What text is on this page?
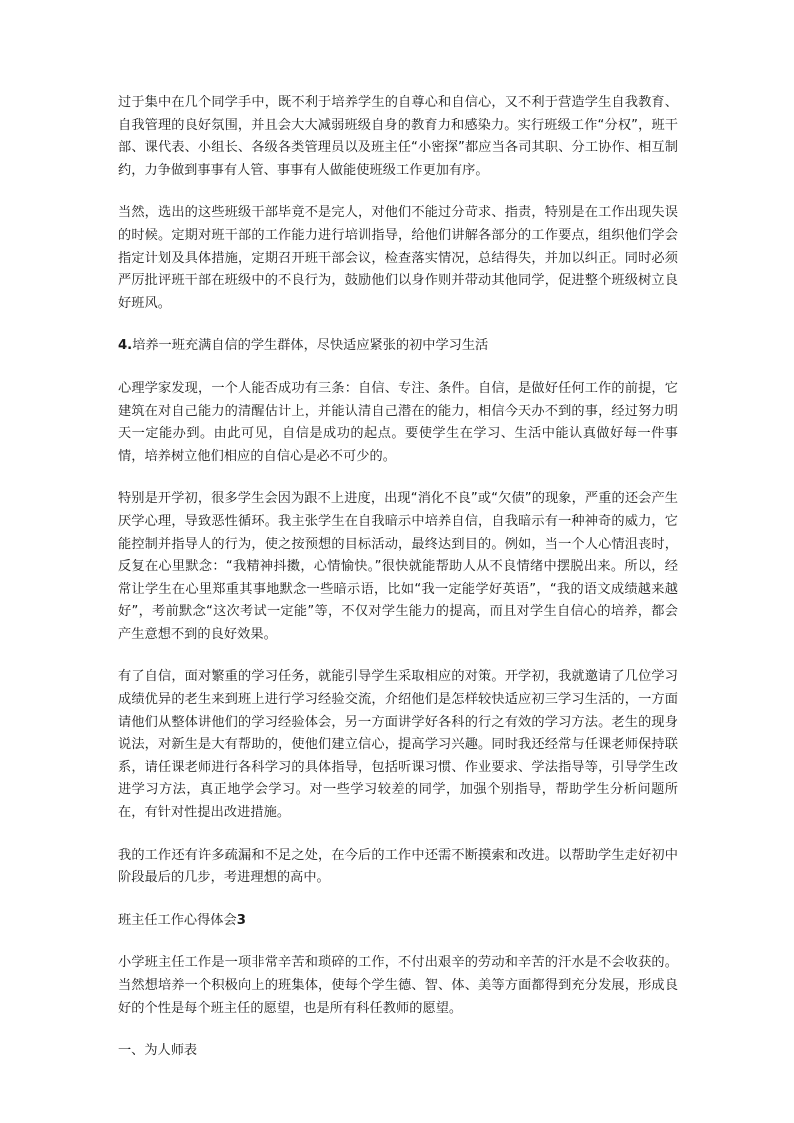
过于集中在几个同学手中，既不利于培养学生的自尊心和自信心，又不利于营造学生自我教育、自我管理的良好氛围，并且会大大减弱班级自身的教育力和感染力。实行班级工作“分权”，班干部、课代表、小组长、各级各类管理员以及班主任“小密探”都应当各司其职、分工协作、相互制约，力争做到事事有人管、事事有人做能使班级工作更加有序。

当然，选出的这些班级干部毕竟不是完人，对他们不能过分苛求、指责，特别是在工作出现失误的时候。定期对班干部的工作能力进行培训指导，给他们讲解各部分的工作要点，组织他们学会指定计划及具体措施，定期召开班干部会议，检查落实情况，总结得失，并加以纠正。同时必须严厉批评班干部在班级中的不良行为，鼓励他们以身作则并带动其他同学，促进整个班级树立良好班风。

4.培养一班充满自信的学生群体，尽快适应紧张的初中学习生活

心理学家发现，一个人能否成功有三条：自信、专注、条件。自信，是做好任何工作的前提，它建筑在对自己能力的清醒估计上，并能认清自己潜在的能力，相信今天办不到的事，经过努力明天一定能办到。由此可见，自信是成功的起点。要使学生在学习、生活中能认真做好每一件事情，培养树立他们相应的自信心是必不可少的。

特别是开学初，很多学生会因为跟不上进度，出现“消化不良”或“欠债”的现象，严重的还会产生厌学心理，导致恶性循环。我主张学生在自我暗示中培养自信，自我暗示有一种神奇的威力，它能控制并指导人的行为，使之按预想的目标活动，最终达到目的。例如，当一个人心情沮丧时，反复在心里默念：“我精神抖擞，心情愉快。”很快就能帮助人从不良情绪中摆脱出来。所以，经常让学生在心里郑重其事地默念一些暗示语，比如“我一定能学好英语”，“我的语文成绩越来越好”，考前默念“这次考试一定能”等，不仅对学生能力的提高，而且对学生自信心的培养，都会产生意想不到的良好效果。

有了自信，面对繁重的学习任务，就能引导学生采取相应的对策。开学初，我就邀请了几位学习成绩优异的老生来到班上进行学习经验交流，介绍他们是怎样较快适应初三学习生活的，一方面请他们从整体讲他们的学习经验体会，另一方面讲学好各科的行之有效的学习方法。老生的现身说法，对新生是大有帮助的，使他们建立信心，提高学习兴趣。同时我还经常与任课老师保持联系，请任课老师进行各科学习的具体指导，包括听课习惯、作业要求、学法指导等，引导学生改进学习方法，真正地学会学习。对一些学习较差的同学，加强个别指导，帮助学生分析问题所在，有针对性提出改进措施。

我的工作还有许多疏漏和不足之处，在今后的工作中还需不断摸索和改进。以帮助学生走好初中阶段最后的几步，考进理想的高中。

班主任工作心得体会3

小学班主任工作是一项非常辛苦和琐碎的工作，不付出艰辛的劳动和辛苦的汗水是不会收获的。当然想培养一个积极向上的班集体，使每个学生德、智、体、美等方面都得到充分发展，形成良好的个性是每个班主任的愿望，也是所有科任教师的愿望。

一、为人师表
